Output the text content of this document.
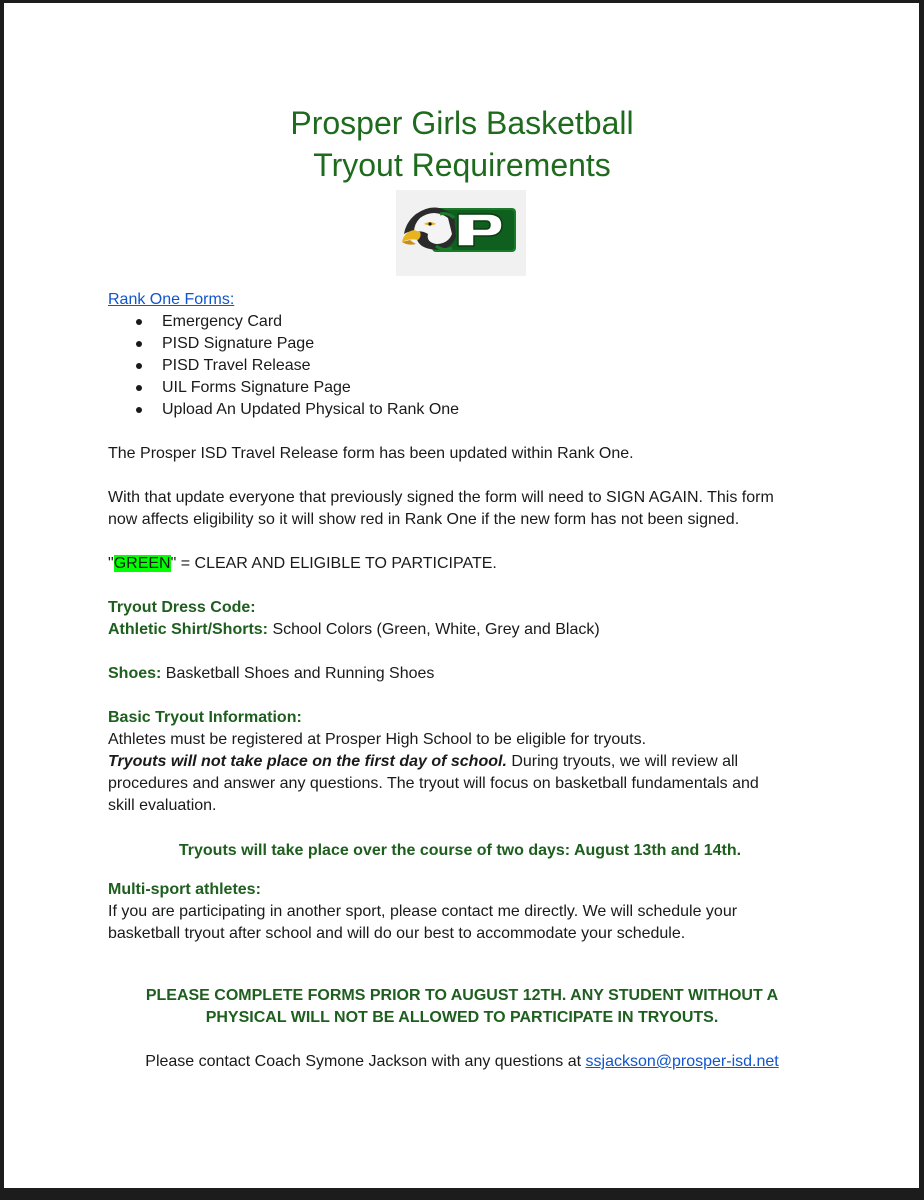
Prosper Girls Basketball
Tryout Requirements
Rank One Forms:
Emergency Card
PISD Signature Page
PISD Travel Release
UIL Forms Signature Page
Upload An Updated Physical to Rank One
The Prosper ISD Travel Release form has been updated within Rank One.
With that update everyone that previously signed the form will need to SIGN AGAIN. This form
now affects eligibility so it will show red in Rank One if the new form has not been signed.
"GREEN" = CLEAR AND ELIGIBLE TO PARTICIPATE.
Tryout Dress Code:
Athletic Shirt/Shorts: School Colors (Green, White, Grey and Black)
Shoes: Basketball Shoes and Running Shoes
Basic Tryout Information:
Athletes must be registered at Prosper High School to be eligible for tryouts.
Tryouts will not take place on the first day of school. During tryouts, we will review all
procedures and answer any questions. The tryout will focus on basketball fundamentals and
skill evaluation.
Tryouts will take place over the course of two days: August 13th and 14th.
Multi-sport athletes:
If you are participating in another sport, please contact me directly. We will schedule your
basketball tryout after school and will do our best to accommodate your schedule.
PLEASE COMPLETE FORMS PRIOR TO AUGUST 12TH. ANY STUDENT WITHOUT A
PHYSICAL WILL NOT BE ALLOWED TO PARTICIPATE IN TRYOUTS.
Please contact Coach Symone Jackson with any questions at ssjackson@prosper-isd.net
